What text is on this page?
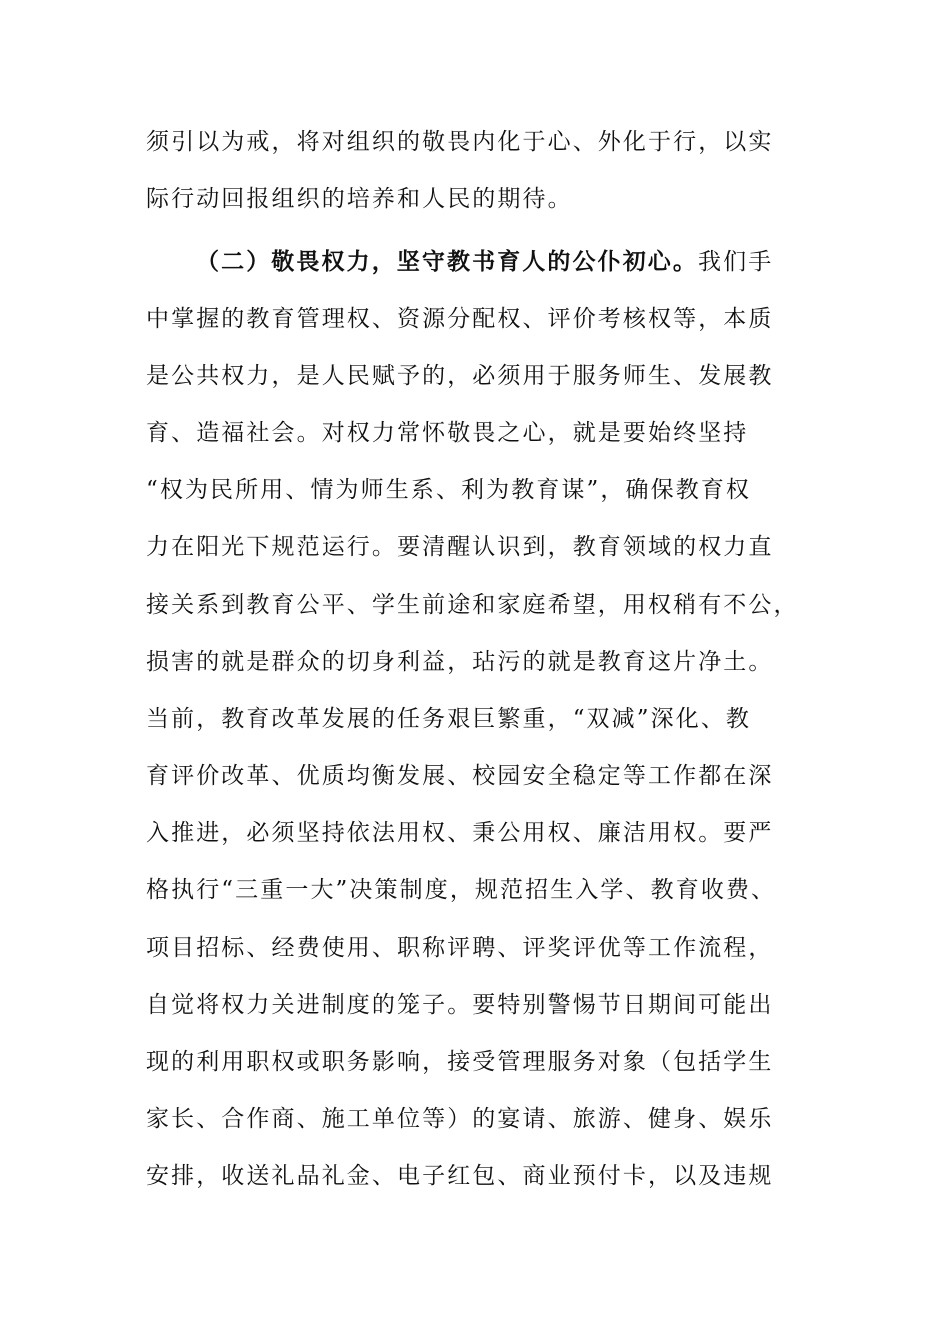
须引以为戒，将对组织的敬畏内化于心、外化于行，以实
际行动回报组织的培养和人民的期待。
（二）敬畏权力，坚守教书育人的公仆初心。我们手
中掌握的教育管理权、资源分配权、评价考核权等，本质
是公共权力，是人民赋予的，必须用于服务师生、发展教
育、造福社会。对权力常怀敬畏之心，就是要始终坚持
“权为民所用、情为师生系、利为教育谋”，确保教育权
力在阳光下规范运行。要清醒认识到，教育领域的权力直
接关系到教育公平、学生前途和家庭希望，用权稍有不公，
损害的就是群众的切身利益，玷污的就是教育这片净土。
当前，教育改革发展的任务艰巨繁重，“双减”深化、教
育评价改革、优质均衡发展、校园安全稳定等工作都在深
入推进，必须坚持依法用权、秉公用权、廉洁用权。要严
格执行“三重一大”决策制度，规范招生入学、教育收费、
项目招标、经费使用、职称评聘、评奖评优等工作流程，
自觉将权力关进制度的笼子。要特别警惕节日期间可能出
现的利用职权或职务影响，接受管理服务对象（包括学生
家长、合作商、施工单位等）的宴请、旅游、健身、娱乐
安排，收送礼品礼金、电子红包、商业预付卡，以及违规
